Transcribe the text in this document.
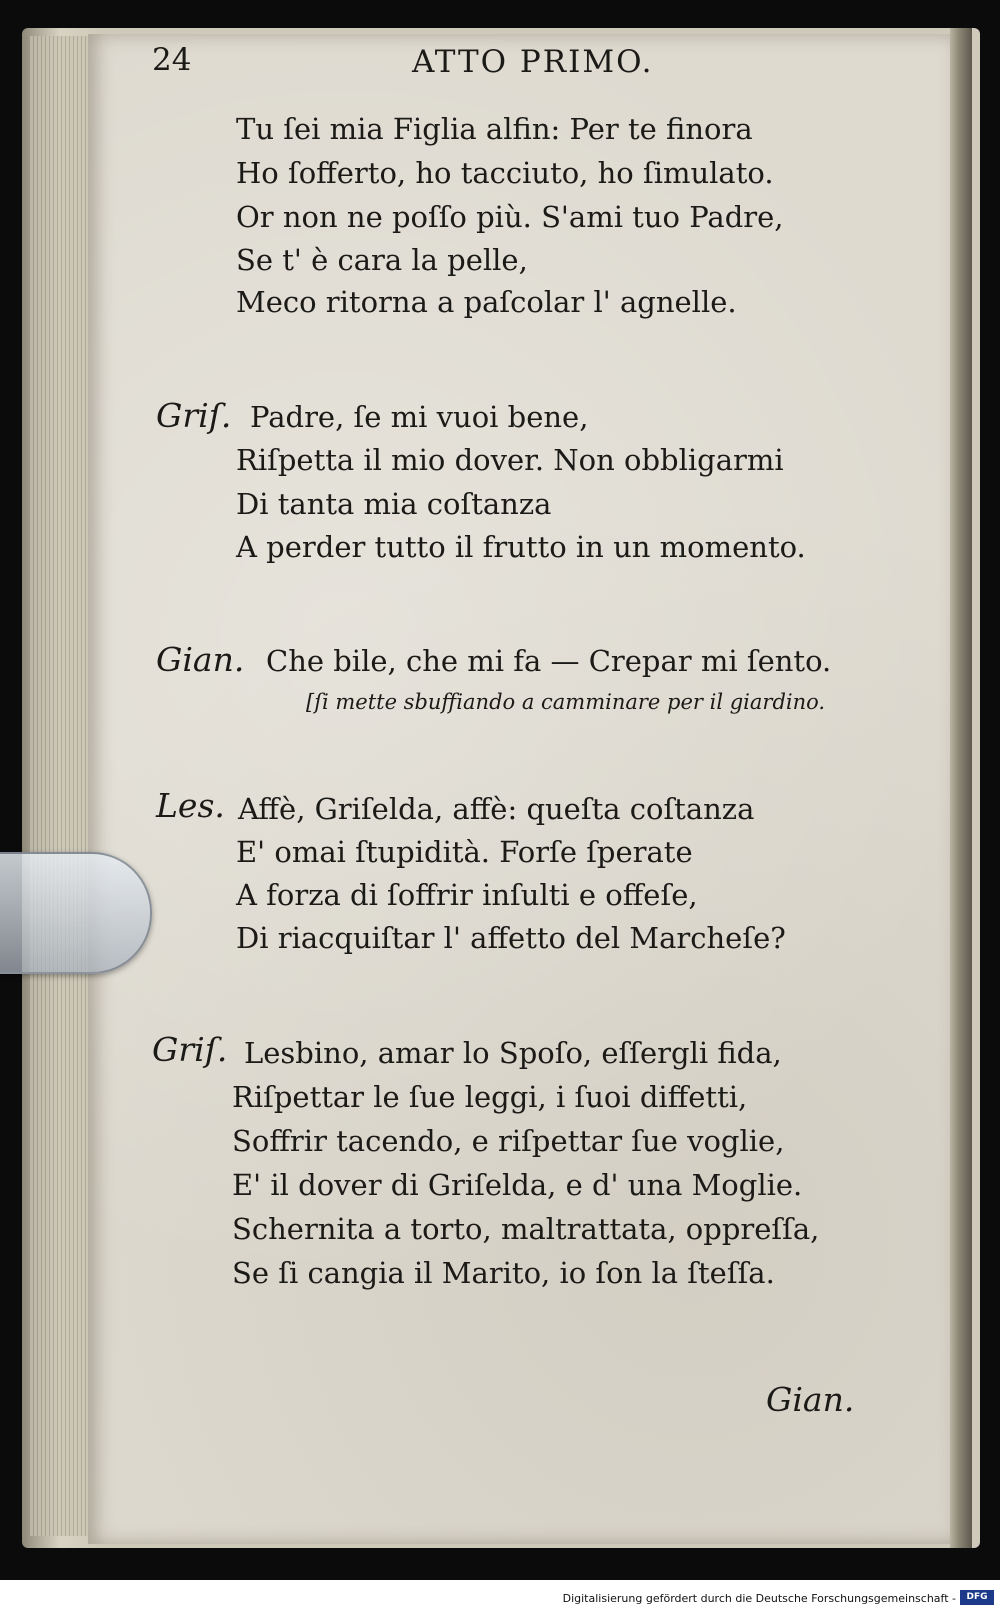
24	ATTO PRIMO.
Tu ſei mia Figlia alfin: Per te finora
Ho ſofferto, ho tacciuto, ho ſimulato.
Or non ne poſſo più. S'ami tuo Padre,
Se t' è cara la pelle,
Meco ritorna a paſcolar l' agnelle.
Griſ. Padre, ſe mi vuoi bene,
Riſpetta il mio dover. Non obbligarmi
Di tanta mia coſtanza
A perder tutto il frutto in un momento.
Gian. Che bile, che mi fa — Crepar mi ſento.
[ſi mette sbuffiando a camminare per il giardino.
Les. Affè, Griſelda, affè: queſta coſtanza
E' omai ſtupidità. Forſe ſperate
A forza di ſoffrir inſulti e offeſe,
Di riacquiſtar l' affetto del Marcheſe?
Griſ. Lesbino, amar lo Spoſo, eſſergli fida,
Riſpettar le ſue leggi, i ſuoi diffetti,
Soffrir tacendo, e riſpettar ſue voglie,
E' il dover di Griſelda, e d' una Moglie.
Schernita a torto, maltrattata, oppreſſa,
Se ſi cangia il Marito, io ſon la ſteſſa.
Gian.
Digitalisierung gefördert durch die Deutsche Forschungsgemeinschaft -	DFG
